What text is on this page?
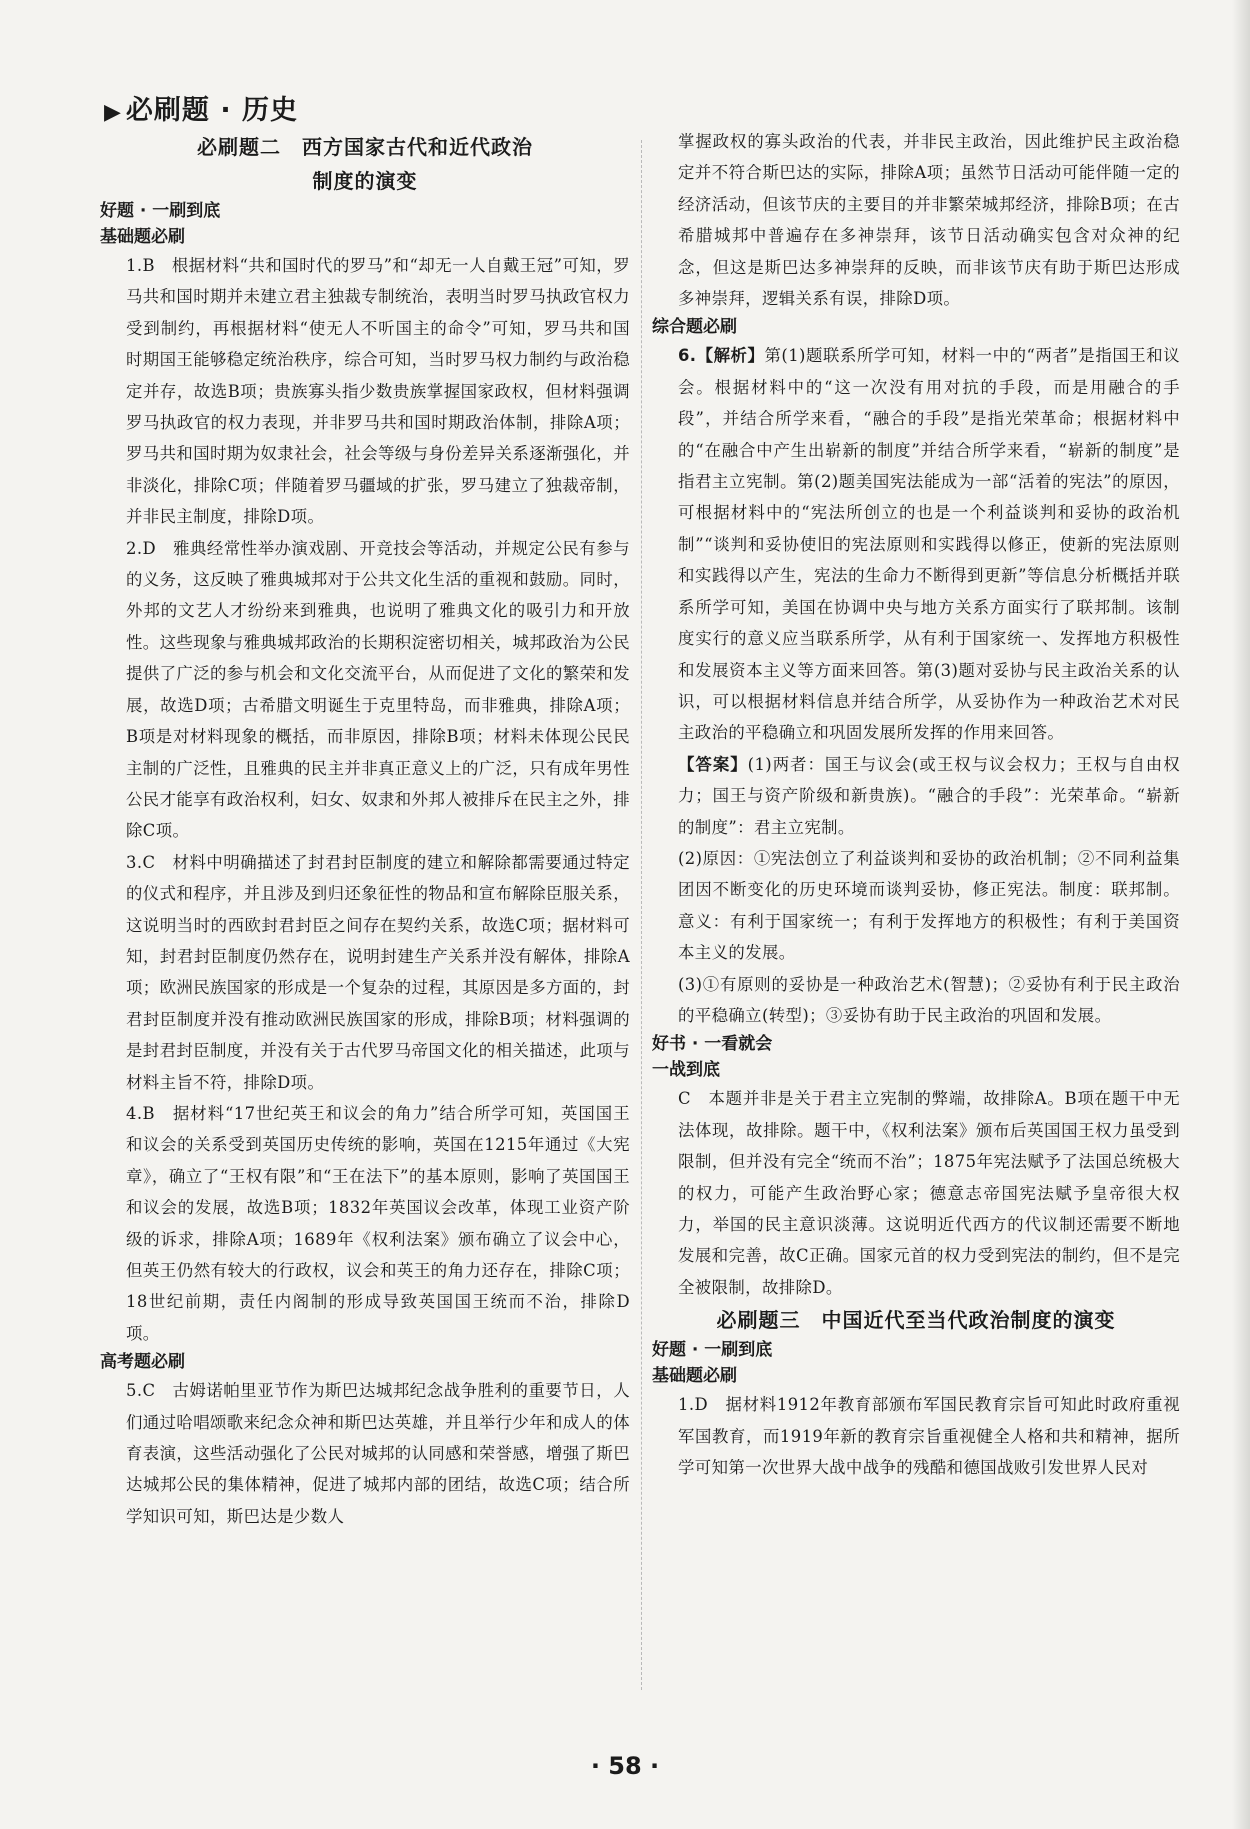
▶ 必刷题 · 历史
必刷题二　西方国家古代和近代政治
制度的演变
好题 · 一刷到底
基础题必刷
1.B　根据材料“共和国时代的罗马”和“却无一人自戴王冠”可知，罗马共和国时期并未建立君主独裁专制统治，表明当时罗马执政官权力受到制约，再根据材料“使无人不听国主的命令”可知，罗马共和国时期国王能够稳定统治秩序，综合可知，当时罗马权力制约与政治稳定并存，故选B项；贵族寡头指少数贵族掌握国家政权，但材料强调罗马执政官的权力表现，并非罗马共和国时期政治体制，排除A项；罗马共和国时期为奴隶社会，社会等级与身份差异关系逐渐强化，并非淡化，排除C项；伴随着罗马疆域的扩张，罗马建立了独裁帝制，并非民主制度，排除D项。
2.D　雅典经常性举办演戏剧、开竞技会等活动，并规定公民有参与的义务，这反映了雅典城邦对于公共文化生活的重视和鼓励。同时，外邦的文艺人才纷纷来到雅典，也说明了雅典文化的吸引力和开放性。这些现象与雅典城邦政治的长期积淀密切相关，城邦政治为公民提供了广泛的参与机会和文化交流平台，从而促进了文化的繁荣和发展，故选D项；古希腊文明诞生于克里特岛，而非雅典，排除A项；B项是对材料现象的概括，而非原因，排除B项；材料未体现公民民主制的广泛性，且雅典的民主并非真正意义上的广泛，只有成年男性公民才能享有政治权利，妇女、奴隶和外邦人被排斥在民主之外，排除C项。
3.C　材料中明确描述了封君封臣制度的建立和解除都需要通过特定的仪式和程序，并且涉及到归还象征性的物品和宣布解除臣服关系，这说明当时的西欧封君封臣之间存在契约关系，故选C项；据材料可知，封君封臣制度仍然存在，说明封建生产关系并没有解体，排除A项；欧洲民族国家的形成是一个复杂的过程，其原因是多方面的，封君封臣制度并没有推动欧洲民族国家的形成，排除B项；材料强调的是封君封臣制度，并没有关于古代罗马帝国文化的相关描述，此项与材料主旨不符，排除D项。
4.B　据材料“17世纪英王和议会的角力”结合所学可知，英国国王和议会的关系受到英国历史传统的影响，英国在1215年通过《大宪章》，确立了“王权有限”和“王在法下”的基本原则，影响了英国国王和议会的发展，故选B项；1832年英国议会改革，体现工业资产阶级的诉求，排除A项；1689年《权利法案》颁布确立了议会中心，但英王仍然有较大的行政权，议会和英王的角力还存在，排除C项；18世纪前期，责任内阁制的形成导致英国国王统而不治，排除D项。
高考题必刷
5.C　古姆诺帕里亚节作为斯巴达城邦纪念战争胜利的重要节日，人们通过哈唱颂歌来纪念众神和斯巴达英雄，并且举行少年和成人的体育表演，这些活动强化了公民对城邦的认同感和荣誉感，增强了斯巴达城邦公民的集体精神，促进了城邦内部的团结，故选C项；结合所学知识可知，斯巴达是少数人
掌握政权的寡头政治的代表，并非民主政治，因此维护民主政治稳定并不符合斯巴达的实际，排除A项；虽然节日活动可能伴随一定的经济活动，但该节庆的主要目的并非繁荣城邦经济，排除B项；在古希腊城邦中普遍存在多神崇拜，该节日活动确实包含对众神的纪念，但这是斯巴达多神崇拜的反映，而非该节庆有助于斯巴达形成多神崇拜，逻辑关系有误，排除D项。
综合题必刷
6.【解析】第(1)题联系所学可知，材料一中的“两者”是指国王和议会。根据材料中的“这一次没有用对抗的手段，而是用融合的手段”，并结合所学来看，“融合的手段”是指光荣革命；根据材料中的“在融合中产生出崭新的制度”并结合所学来看，“崭新的制度”是指君主立宪制。第(2)题美国宪法能成为一部“活着的宪法”的原因，可根据材料中的“宪法所创立的也是一个利益谈判和妥协的政治机制”“谈判和妥协使旧的宪法原则和实践得以修正，使新的宪法原则和实践得以产生，宪法的生命力不断得到更新”等信息分析概括并联系所学可知，美国在协调中央与地方关系方面实行了联邦制。该制度实行的意义应当联系所学，从有利于国家统一、发挥地方积极性和发展资本主义等方面来回答。第(3)题对妥协与民主政治关系的认识，可以根据材料信息并结合所学，从妥协作为一种政治艺术对民主政治的平稳确立和巩固发展所发挥的作用来回答。
【答案】(1)两者：国王与议会(或王权与议会权力；王权与自由权力；国王与资产阶级和新贵族)。“融合的手段”：光荣革命。“崭新的制度”：君主立宪制。
(2)原因：①宪法创立了利益谈判和妥协的政治机制；②不同利益集团因不断变化的历史环境而谈判妥协，修正宪法。制度：联邦制。意义：有利于国家统一；有利于发挥地方的积极性；有利于美国资本主义的发展。
(3)①有原则的妥协是一种政治艺术(智慧)；②妥协有利于民主政治的平稳确立(转型)；③妥协有助于民主政治的巩固和发展。
好书 · 一看就会
一战到底
C　本题并非是关于君主立宪制的弊端，故排除A。B项在题干中无法体现，故排除。题干中，《权利法案》颁布后英国国王权力虽受到限制，但并没有完全“统而不治”；1875年宪法赋予了法国总统极大的权力，可能产生政治野心家；德意志帝国宪法赋予皇帝很大权力，举国的民主意识淡薄。这说明近代西方的代议制还需要不断地发展和完善，故C正确。国家元首的权力受到宪法的制约，但不是完全被限制，故排除D。
必刷题三　中国近代至当代政治制度的演变
好题 · 一刷到底
基础题必刷
1.D　据材料1912年教育部颁布军国民教育宗旨可知此时政府重视军国教育，而1919年新的教育宗旨重视健全人格和共和精神，据所学可知第一次世界大战中战争的残酷和德国战败引发世界人民对
· 58 ·
